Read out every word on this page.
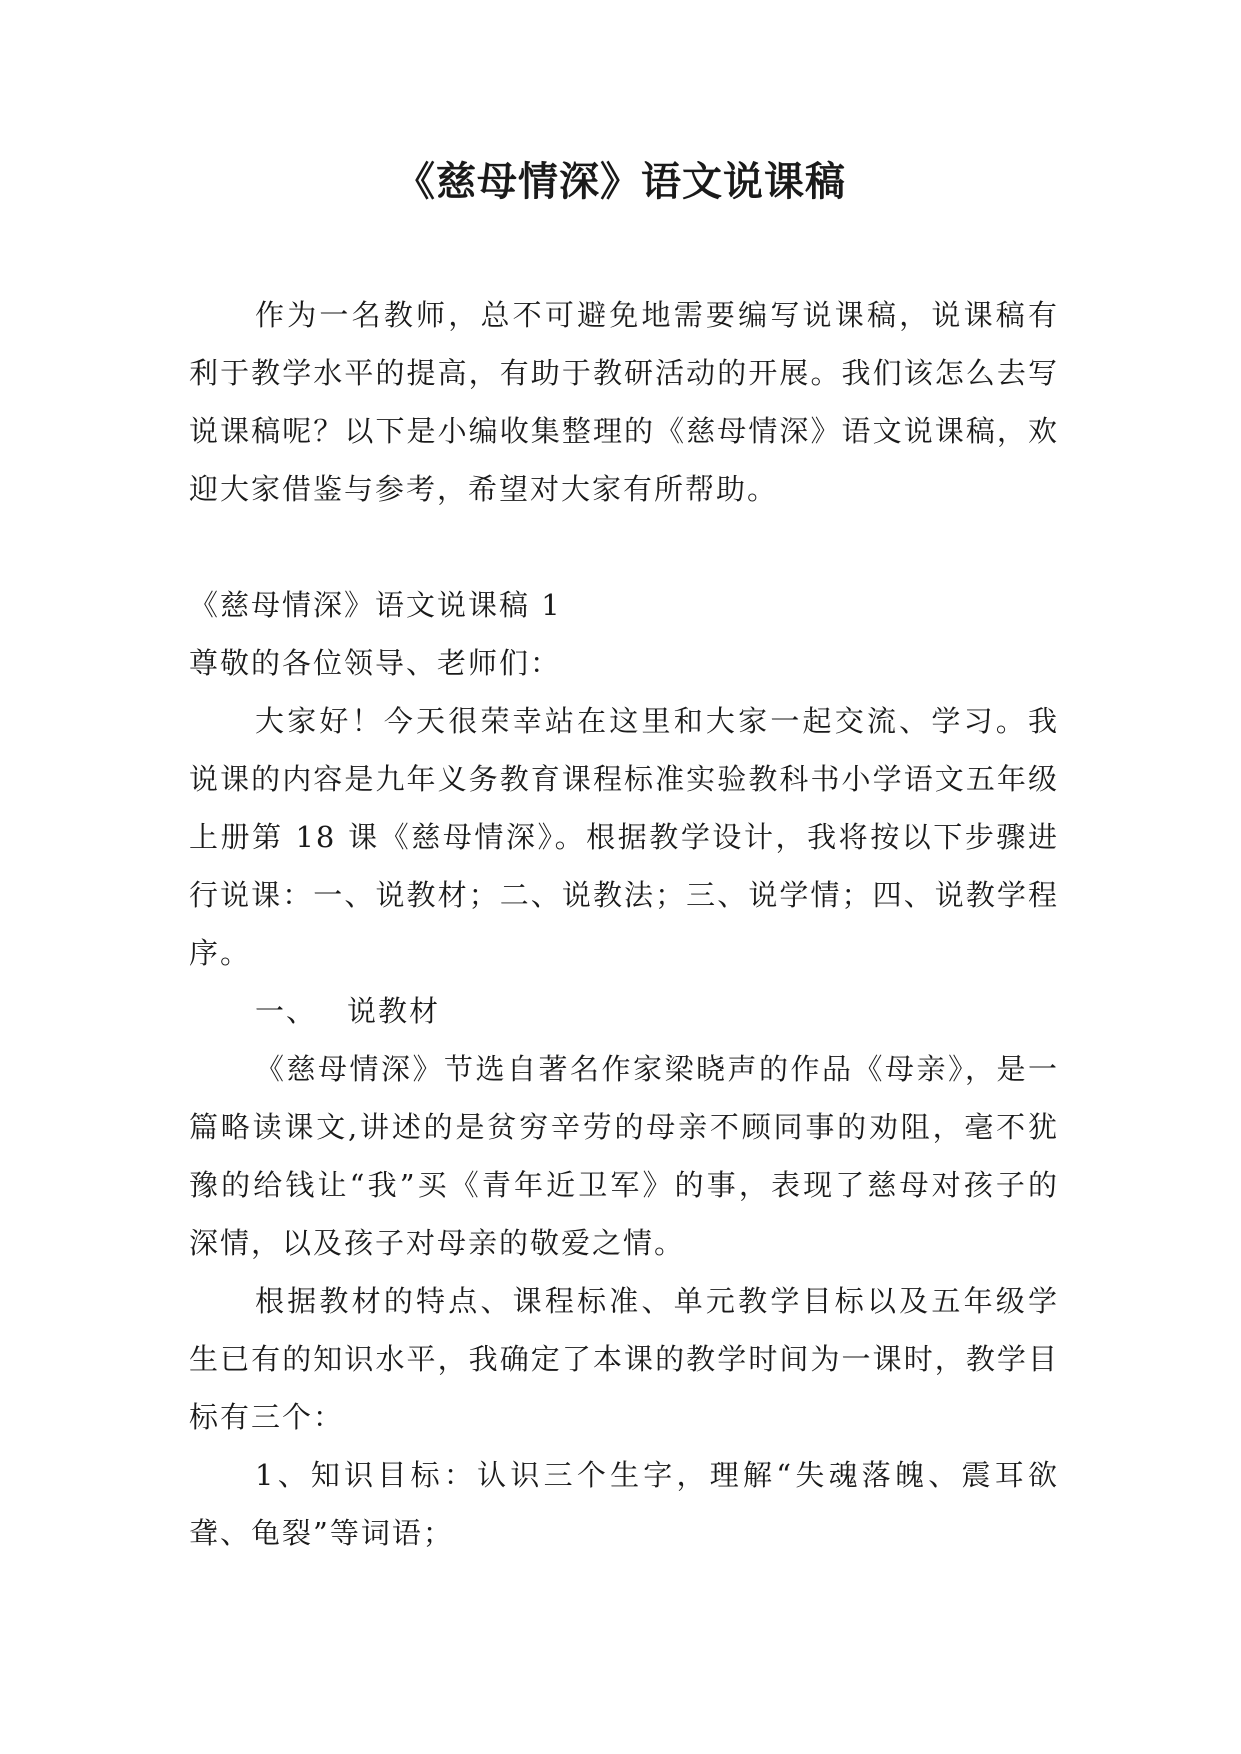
《慈母情深》语文说课稿

作为一名教师，总不可避免地需要编写说课稿，说课稿有利于教学水平的提高，有助于教研活动的开展。我们该怎么去写说课稿呢？以下是小编收集整理的《慈母情深》语文说课稿，欢迎大家借鉴与参考，希望对大家有所帮助。

《慈母情深》语文说课稿 1

尊敬的各位领导、老师们：

大家好！今天很荣幸站在这里和大家一起交流、学习。我说课的内容是九年义务教育课程标准实验教科书小学语文五年级上册第 18 课《慈母情深》。根据教学设计，我将按以下步骤进行说课：一、说教材；二、说教法；三、说学情；四、说教学程序。

一、 说教材

《慈母情深》节选自著名作家梁晓声的作品《母亲》，是一篇略读课文,讲述的是贫穷辛劳的母亲不顾同事的劝阻，毫不犹豫的给钱让“我”买《青年近卫军》的事，表现了慈母对孩子的深情，以及孩子对母亲的敬爱之情。

根据教材的特点、课程标准、单元教学目标以及五年级学生已有的知识水平，我确定了本课的教学时间为一课时，教学目标有三个：

1、知识目标：认识三个生字，理解“失魂落魄、震耳欲聋、龟裂”等词语；
